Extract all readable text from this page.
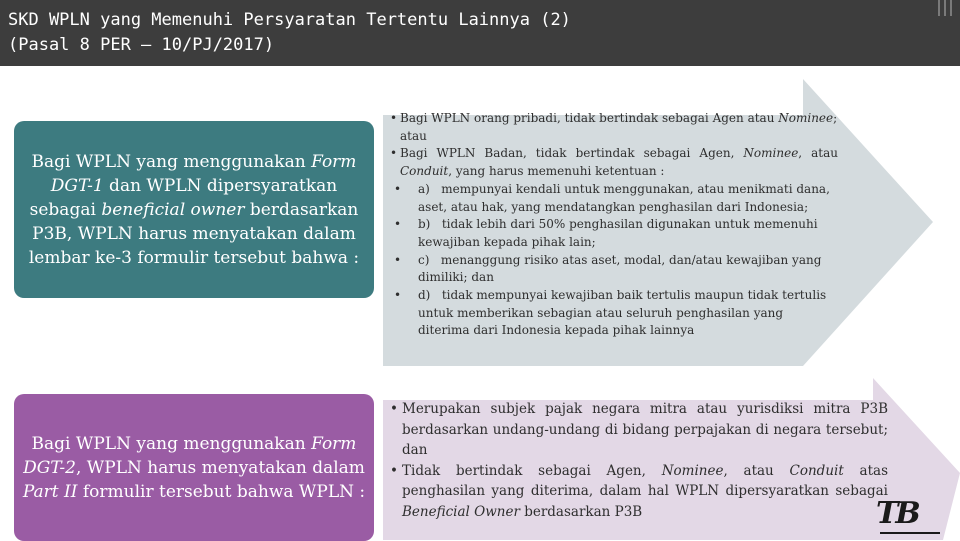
SKD WPLN yang Memenuhi Persyaratan Tertentu Lainnya (2)
(Pasal 8 PER – 10/PJ/2017)
Bagi WPLN yang menggunakan Form DGT-1 dan WPLN dipersyaratkan sebagai beneficial owner berdasarkan P3B, WPLN harus menyatakan dalam lembar ke-3 formulir tersebut bahwa :
Bagi WPLN yang menggunakan Form DGT-2, WPLN harus menyatakan dalam Part II formulir tersebut bahwa WPLN :
• Bagi WPLN orang pribadi, tidak bertindak sebagai Agen atau Nominee; atau
• Bagi  WPLN  Badan,  tidak  bertindak  sebagai  Agen,  Nominee,  atau Conduit, yang harus memenuhi ketentuan :
•	a) mempunyai kendali untuk menggunakan, atau menikmati dana, aset, atau hak, yang mendatangkan penghasilan dari Indonesia;
•	b) tidak lebih dari 50% penghasilan digunakan untuk memenuhi kewajiban kepada pihak lain;
•	c) menanggung risiko atas aset, modal, dan/atau kewajiban yang dimiliki; dan
•	d) tidak mempunyai kewajiban baik tertulis maupun tidak tertulis untuk memberikan sebagian atau seluruh penghasilan yang diterima dari Indonesia kepada pihak lainnya
• Merupakan subjek pajak negara mitra atau yurisdiksi mitra P3B berdasarkan undang-undang di bidang perpajakan di negara tersebut; dan
• Tidak bertindak sebagai Agen, Nominee, atau Conduit atas penghasilan yang diterima, dalam hal WPLN dipersyaratkan sebagai Beneficial Owner berdasarkan P3B	TB
